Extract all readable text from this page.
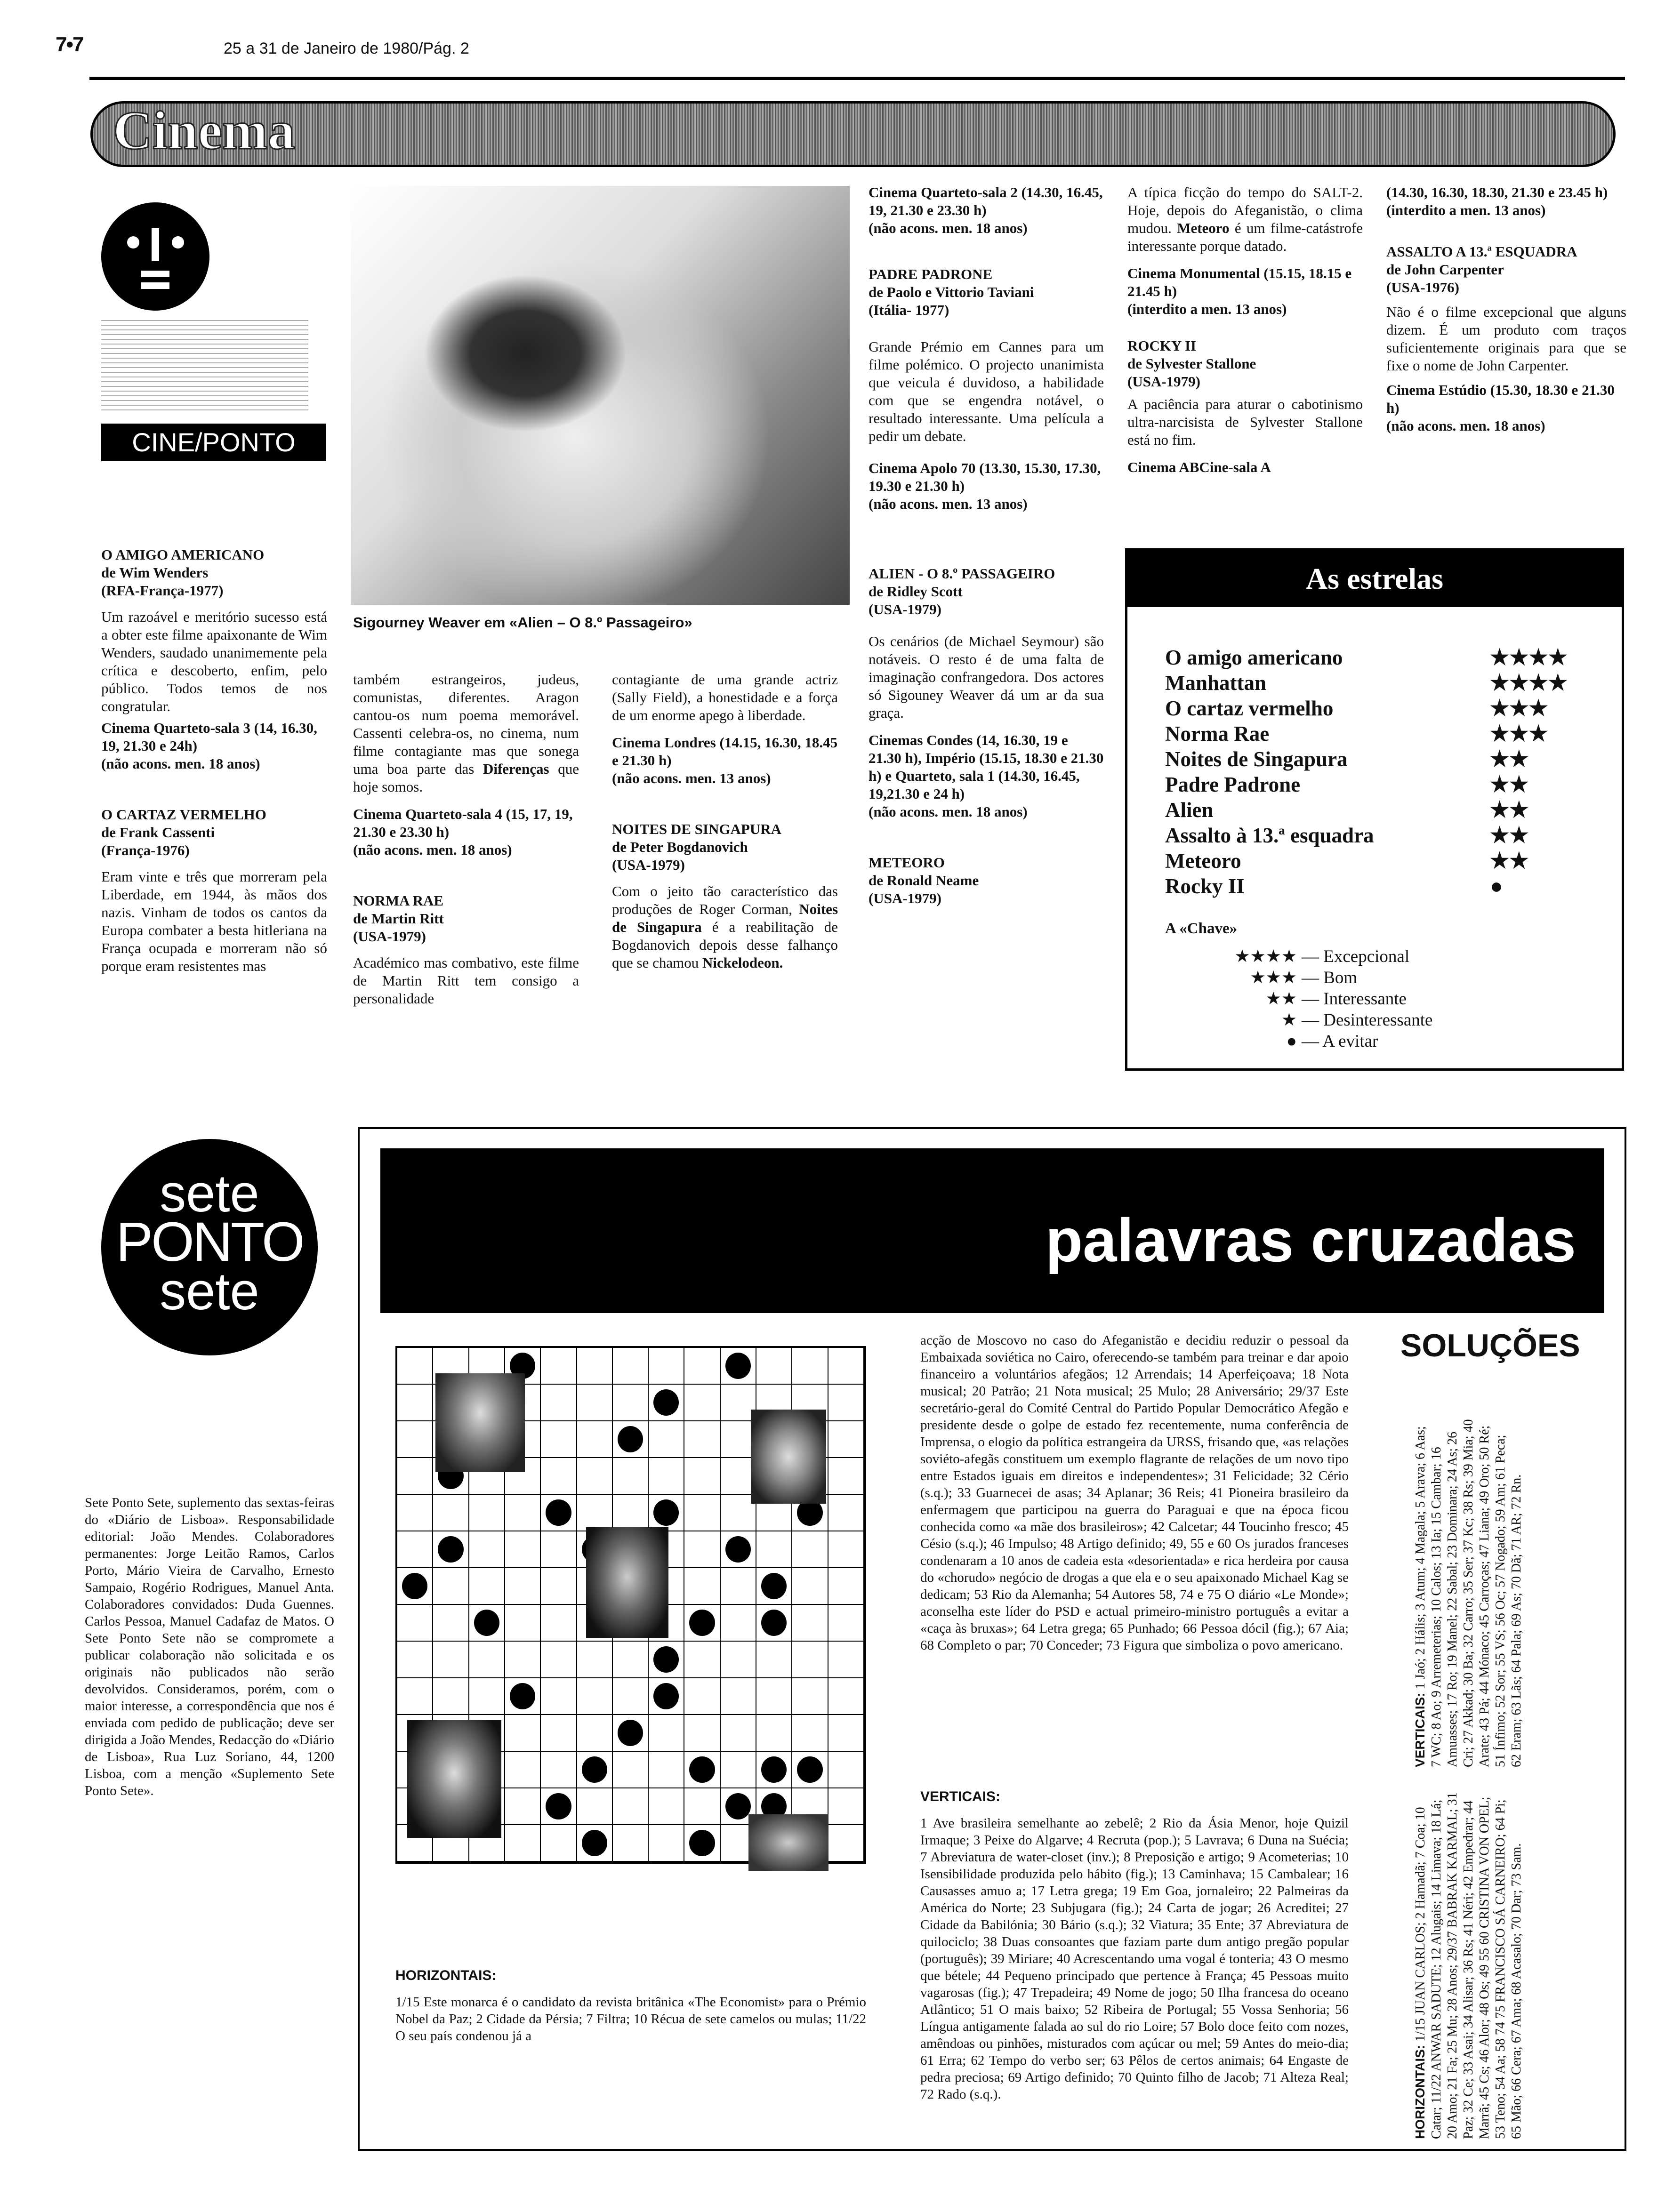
7•7	25 a 31 de Janeiro de 1980/Pág. 2
Cinema
CINE/PONTO
Sigourney Weaver em «Alien – O 8.º Passageiro»
O AMIGO AMERICANO
de Wim Wenders
(RFA-França-1977)

Um razoável e meritório sucesso está a obter este filme apaixonante de Wim Wenders, saudado unanimemente pela crítica e descoberto, enfim, pelo público. Todos temos de nos congratular.

Cinema Quarteto-sala 3 (14, 16.30, 19, 21.30 e 24h)
(não acons. men. 18 anos)
O CARTAZ VERMELHO
de Frank Cassenti
(França-1976)

Eram vinte e três que morreram pela Liberdade, em 1944, às mãos dos nazis. Vinham de todos os cantos da Europa combater a besta hitleriana na França ocupada e morreram não só porque eram resistentes mas

também estrangeiros, judeus, comunistas, diferentes. Aragon cantou-os num poema memorável. Cassenti celebra-os, no cinema, num filme contagiante mas que sonega uma boa parte das Diferenças que hoje somos.

Cinema Quarteto-sala 4 (15, 17, 19, 21.30 e 23.30 h)
(não acons. men. 18 anos)
NORMA RAE
de Martin Ritt
(USA-1979)

Académico mas combativo, este filme de Martin Ritt tem consigo a personalidade

contagiante de uma grande actriz (Sally Field), a honestidade e a força de um enorme apego à liberdade.

Cinema Londres (14.15, 16.30, 18.45 e 21.30 h)
(não acons. men. 13 anos)
NOITES DE SINGAPURA
de Peter Bogdanovich
(USA-1979)

Com o jeito tão característico das produções de Roger Corman, Noites de Singapura é a reabilitação de Bogdanovich depois desse falhanço que se chamou Nickelodeon.

Cinema Quarteto-sala 2 (14.30, 16.45, 19, 21.30 e 23.30 h)
(não acons. men. 18 anos)
PADRE PADRONE
de Paolo e Vittorio Taviani
(Itália- 1977)

Grande Prémio em Cannes para um filme polémico. O projecto unanimista que veicula é duvidoso, a habilidade com que se engendra notável, o resultado interessante. Uma película a pedir um debate.

Cinema Apolo 70 (13.30, 15.30, 17.30, 19.30 e 21.30 h)
(não acons. men. 13 anos)
ALIEN - O 8.º PASSAGEIRO
de Ridley Scott
(USA-1979)

Os cenários (de Michael Seymour) são notáveis. O resto é de uma falta de imaginação confrangedora. Dos actores só Sigouney Weaver dá um ar da sua graça.

Cinemas Condes (14, 16.30, 19 e 21.30 h), Império (15.15, 18.30 e 21.30 h) e Quarteto, sala 1 (14.30, 16.45, 19,21.30 e 24 h)
(não acons. men. 18 anos)
METEORO
de Ronald Neame
(USA-1979)

A típica ficção do tempo do SALT-2. Hoje, depois do Afeganistão, o clima mudou. Meteoro é um filme-catástrofe interessante porque datado.

Cinema Monumental (15.15, 18.15 e 21.45 h)
(interdito a men. 13 anos)
ROCKY II
de Sylvester Stallone
(USA-1979)

A paciência para aturar o cabotinismo ultra-narcisista de Sylvester Stallone está no fim.

Cinema ABCine-sala A
(14.30, 16.30, 18.30, 21.30 e 23.45 h)
(interdito a men. 13 anos)
ASSALTO A 13.ª ESQUADRA
de John Carpenter
(USA-1976)

Não é o filme excepcional que alguns dizem. É um produto com traços suficientemente originais para que se fixe o nome de John Carpenter.

Cinema Estúdio (15.30, 18.30 e 21.30 h)
(não acons. men. 18 anos)
As estrelas
O amigo americano	★★★★
Manhattan	★★★★
O cartaz vermelho	★★★
Norma Rae	★★★
Noites de Singapura	★★
Padre Padrone	★★
Alien	★★
Assalto à 13.ª esquadra	★★
Meteoro	★★
Rocky II	●
A «Chave»
★★★★ — Excepcional
★★★ — Bom
★★ — Interessante
★ — Desinteressante
● — A evitar
sete
PONTO
sete

Sete Ponto Sete, suplemento das sextas-feiras do «Diário de Lisboa». Responsabilidade editorial: João Mendes. Colaboradores permanentes: Jorge Leitão Ramos, Carlos Porto, Mário Vieira de Carvalho, Ernesto Sampaio, Rogério Rodrigues, Manuel Anta. Colaboradores convidados: Duda Guennes. Carlos Pessoa, Manuel Cadafaz de Matos. O Sete Ponto Sete não se compromete a publicar colaboração não solicitada e os originais não publicados não serão devolvidos. Consideramos, porém, com o maior interesse, a correspondência que nos é enviada com pedido de publicação; deve ser dirigida a João Mendes, Redacção do «Diário de Lisboa», Rua Luz Soriano, 44, 1200 Lisboa, com a menção «Suplemento Sete Ponto Sete».

palavras cruzadas
HORIZONTAIS:

1/15 Este monarca é o candidato da revista britânica «The Economist» para o Prémio Nobel da Paz; 2 Cidade da Pérsia; 7 Filtra; 10 Récua de sete camelos ou mulas; 11/22 O seu país condenou já a

acção de Moscovo no caso do Afeganistão e decidiu reduzir o pessoal da Embaixada soviética no Cairo, oferecendo-se também para treinar e dar apoio financeiro a voluntários afegãos; 12 Arrendais; 14 Aperfeiçoava; 18 Nota musical; 20 Patrão; 21 Nota musical; 25 Mulo; 28 Aniversário; 29/37 Este secretário-geral do Comité Central do Partido Popular Democrático Afegão e presidente desde o golpe de estado fez recentemente, numa conferência de Imprensa, o elogio da política estrangeira da URSS, frisando que, «as relações soviéto-afegãs constituem um exemplo flagrante de relações de um novo tipo entre Estados iguais em direitos e independentes»; 31 Felicidade; 32 Cério (s.q.); 33 Guarnecei de asas; 34 Aplanar; 36 Reis; 41 Pioneira brasileiro da enfermagem que participou na guerra do Paraguai e que na época ficou conhecida como «a mãe dos brasileiros»; 42 Calcetar; 44 Toucinho fresco; 45 Césio (s.q.); 46 Impulso; 48 Artigo definido; 49, 55 e 60 Os jurados franceses condenaram a 10 anos de cadeia esta «desorientada» e rica herdeira por causa do «chorudo» negócio de drogas a que ela e o seu apaixonado Michael Kag se dedicam; 53 Rio da Alemanha; 54 Autores 58, 74 e 75 O diário «Le Monde»; aconselha este líder do PSD e actual primeiro-ministro português a evitar a «caça às bruxas»; 64 Letra grega; 65 Punhado; 66 Pessoa dócil (fig.); 67 Aia; 68 Completo o par; 70 Conceder; 73 Figura que simboliza o povo americano.

VERTICAIS:

1 Ave brasileira semelhante ao zebelê; 2 Rio da Ásia Menor, hoje Quizil Irmaque; 3 Peixe do Algarve; 4 Recruta (pop.); 5 Lavrava; 6 Duna na Suécia; 7 Abreviatura de water-closet (inv.); 8 Preposição e artigo; 9 Acometerias; 10 Isensibilidade produzida pelo hábito (fig.); 13 Caminhava; 15 Cambalear; 16 Causasses amuo a; 17 Letra grega; 19 Em Goa, jornaleiro; 22 Palmeiras da América do Norte; 23 Subjugara (fig.); 24 Carta de jogar; 26 Acreditei; 27 Cidade da Babilónia; 30 Bário (s.q.); 32 Viatura; 35 Ente; 37 Abreviatura de quilociclo; 38 Duas consoantes que faziam parte dum antigo pregão popular (português); 39 Miriare; 40 Acrescentando uma vogal é tonteria; 43 O mesmo que bétele; 44 Pequeno principado que pertence à França; 45 Pessoas muito vagarosas (fig.); 47 Trepadeira; 49 Nome de jogo; 50 Ilha francesa do oceano Atlântico; 51 O mais baixo; 52 Ribeira de Portugal; 55 Vossa Senhoria; 56 Língua antigamente falada ao sul do rio Loire; 57 Bolo doce feito com nozes, amêndoas ou pinhões, misturados com açúcar ou mel; 59 Antes do meio-dia; 61 Erra; 62 Tempo do verbo ser; 63 Pêlos de certos animais; 64 Engaste de pedra preciosa; 69 Artigo definido; 70 Quinto filho de Jacob; 71 Alteza Real; 72 Rado (s.q.).

SOLUÇÕES
HORIZONTAIS: 1/15 JUAN CARLOS; 2 Hamadã; 7 Coa; 10 Catar; 11/22 ANWAR SADUTE; 12 Alugais; 14 Limava; 18 Lá; 20 Amo; 21 Fa; 25 Mu; 28 Anos; 29/37 BABRAK KARMAL; 31 Paz; 32 Ce; 33 Asai; 34 Alisar; 36 Rs; 41 Néri; 42 Empedrar; 44 Marrã; 45 Cs; 46 Alor; 48 Os; 49 55 60 CRISTINA VON OPEL; 53 Teno; 54 Aa; 58 74 75 FRANCISCO SÁ CARNEIRO; 64 Pi; 65 Mão; 66 Cera; 67 Ama; 68 Acasalo; 70 Dar; 73 Sam.
VERTICAIS: 1 Jaó; 2 Hális; 3 Atum; 4 Magala; 5 Arava; 6 Aas; 7 WC; 8 Ao; 9 Arremeterias; 10 Calos; 13 Ia; 15 Cambar; 16 Amuasses; 17 Ro; 19 Manel; 22 Sabal; 23 Dominara; 24 As; 26 Cri; 27 Akkad; 30 Ba; 32 Carro; 35 Ser; 37 Kc; 38 Rs; 39 Mia; 40 Arate; 43 Pá; 44 Mónaco; 45 Carroças; 47 Liana; 49 Oro; 50 Ré; 51 Ínfimo; 52 Sor; 55 VS; 56 Oc; 57 Nogado; 59 Am; 61 Peca; 62 Eram; 63 Lãs; 64 Pala; 69 As; 70 Dã; 71 AR; 72 Rn.
